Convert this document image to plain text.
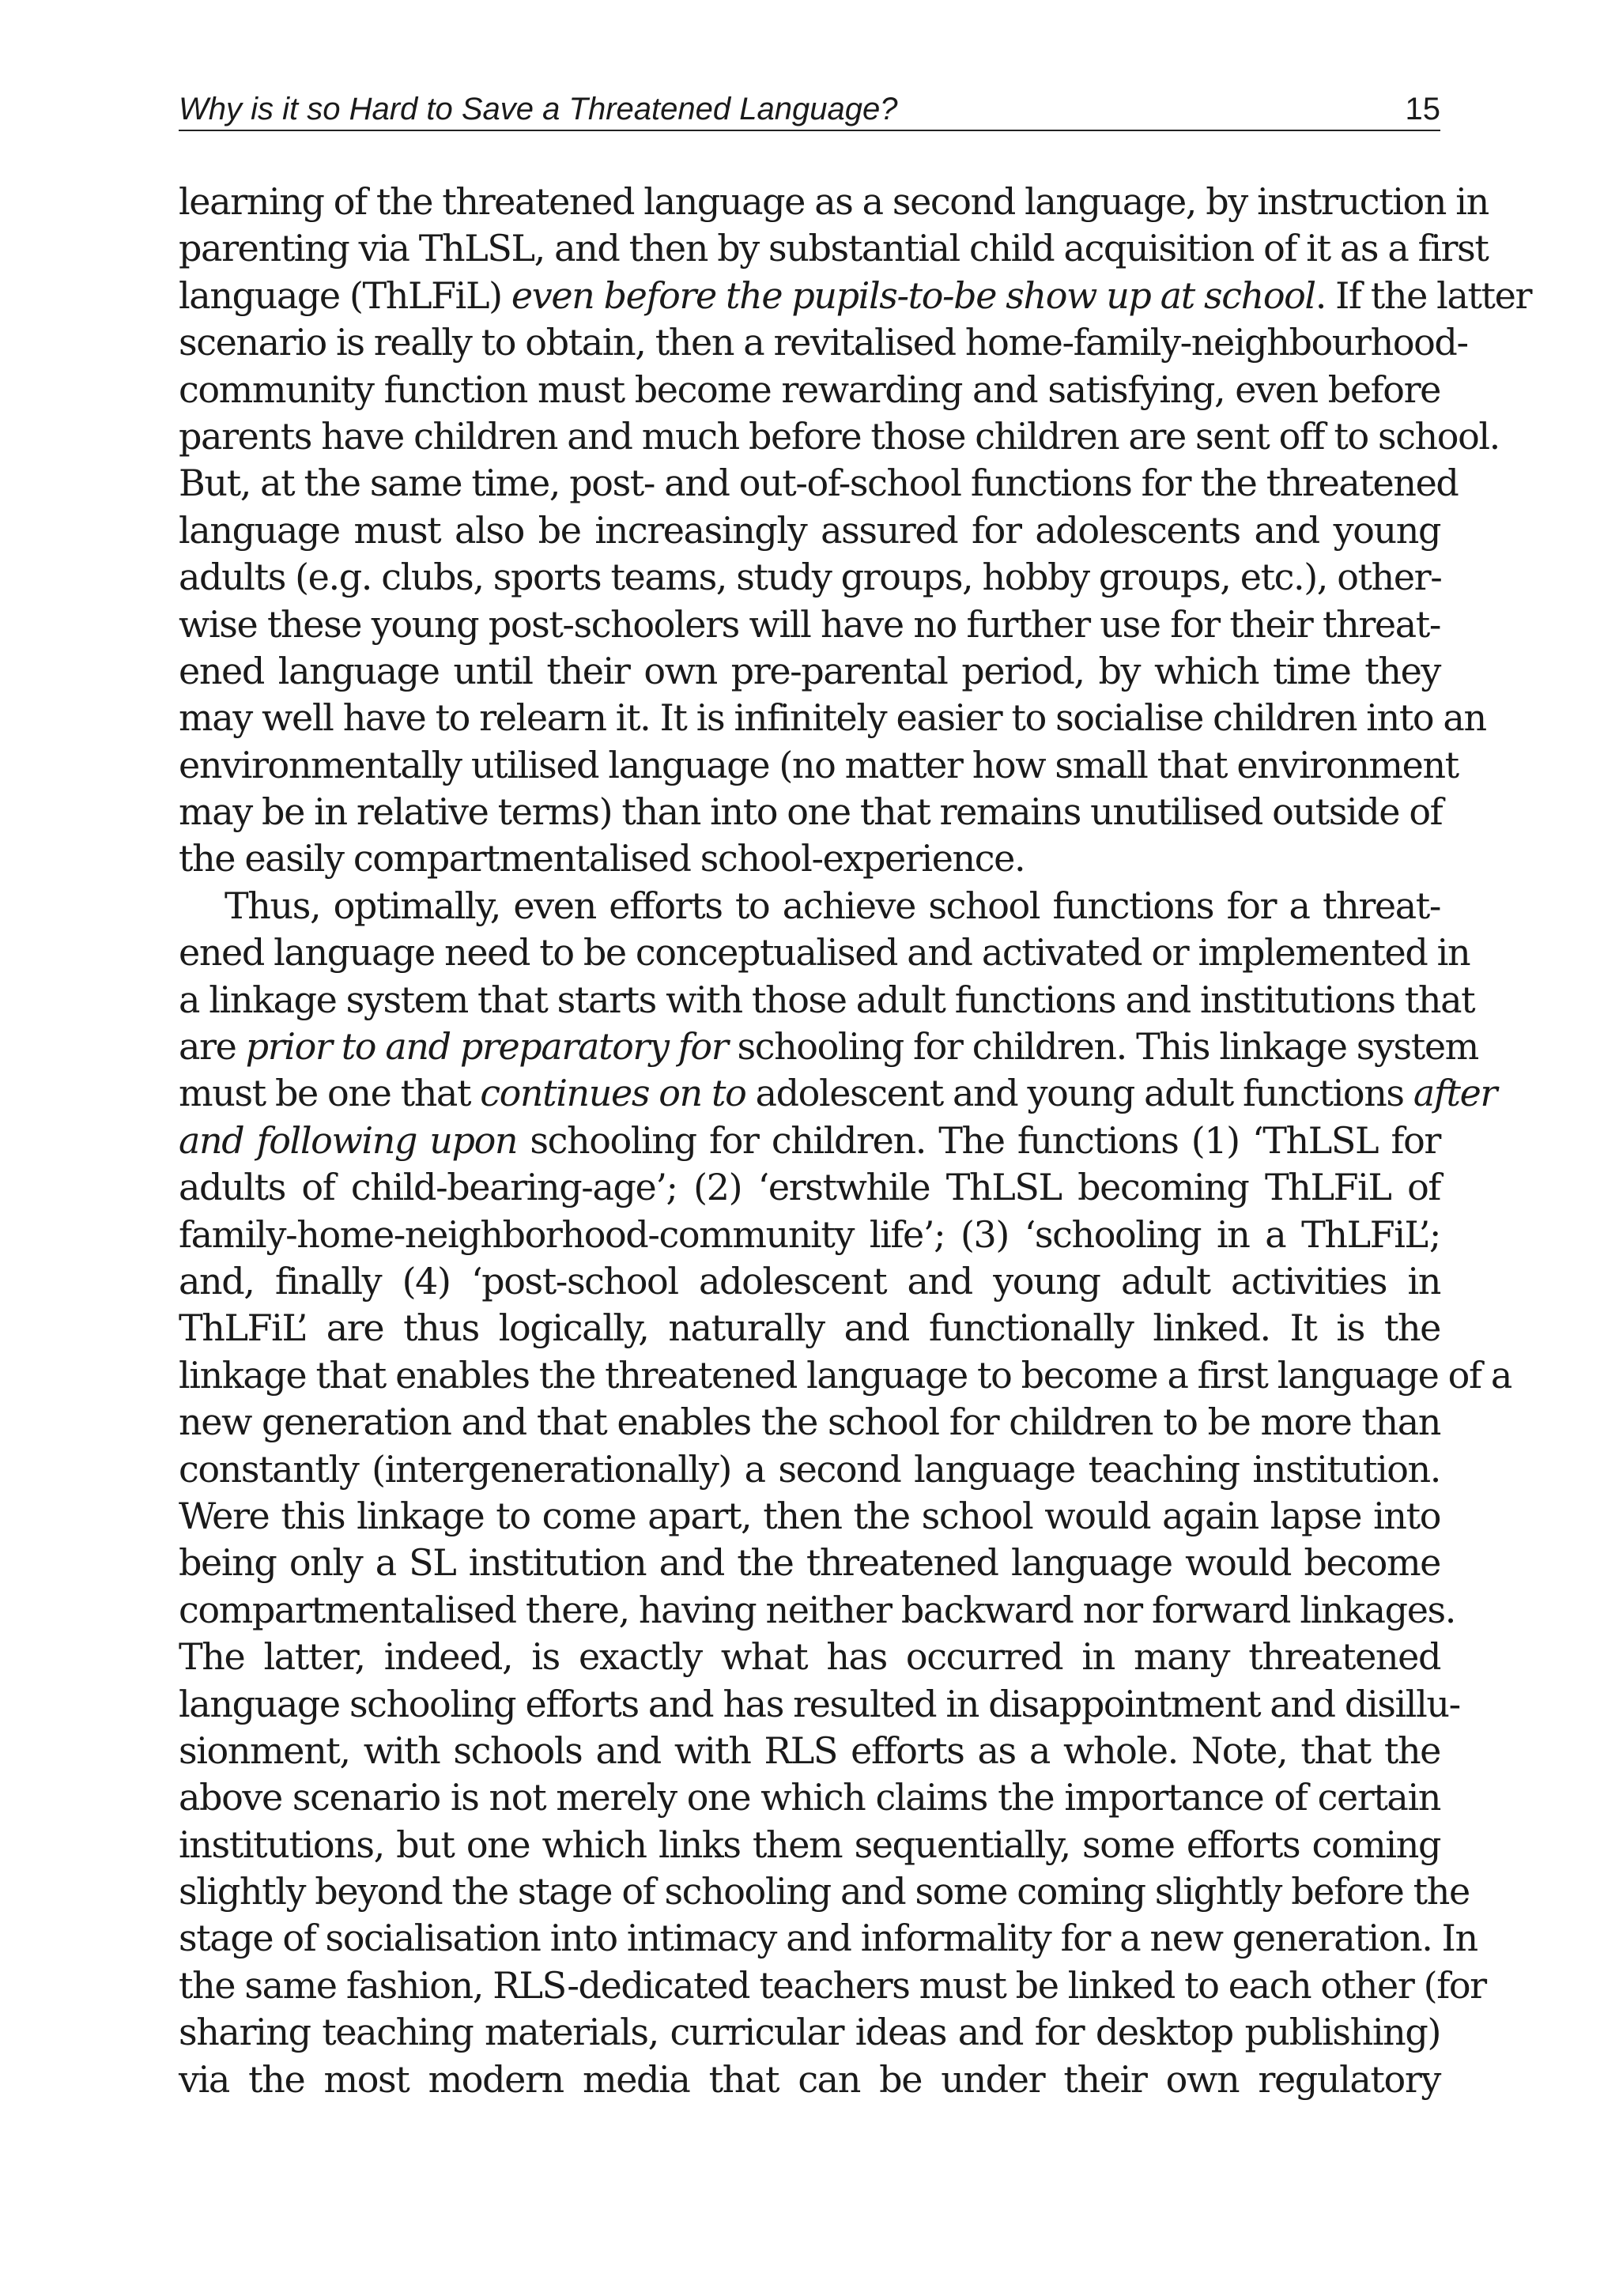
Why is it so Hard to Save a Threatened Language?	15
learning of the threatened language as a second language, by instruction in
parenting via ThLSL, and then by substantial child acquisition of it as a first
language (ThLFiL) even before the pupils-to-be show up at school. If the latter
scenario is really to obtain, then a revitalised home-family-neighbourhood-
community function must become rewarding and satisfying, even before
parents have children and much before those children are sent off to school.
But, at the same time, post- and out-of-school functions for the threatened
language must also be increasingly assured for adolescents and young
adults (e.g. clubs, sports teams, study groups, hobby groups, etc.), other-
wise these young post-schoolers will have no further use for their threat-
ened language until their own pre-parental period, by which time they
may well have to relearn it. It is infinitely easier to socialise children into an
environmentally utilised language (no matter how small that environment
may be in relative terms) than into one that remains unutilised outside of
the easily compartmentalised school-experience.
Thus, optimally, even efforts to achieve school functions for a threat-
ened language need to be conceptualised and activated or implemented in
a linkage system that starts with those adult functions and institutions that
are prior to and preparatory for schooling for children. This linkage system
must be one that continues on to adolescent and young adult functions after
and following upon schooling for children. The functions (1) ‘ThLSL for
adults of child-bearing-age’; (2) ‘erstwhile ThLSL becoming ThLFiL of
family-home-neighborhood-community life’; (3) ‘schooling in a ThLFiL’;
and, finally (4) ‘post-school adolescent and young adult activities in
ThLFiL’ are thus logically, naturally and functionally linked. It is the
linkage that enables the threatened language to become a first language of a
new generation and that enables the school for children to be more than
constantly (intergenerationally) a second language teaching institution.
Were this linkage to come apart, then the school would again lapse into
being only a SL institution and the threatened language would become
compartmentalised there, having neither backward nor forward linkages.
The latter, indeed, is exactly what has occurred in many threatened
language schooling efforts and has resulted in disappointment and disillu-
sionment, with schools and with RLS efforts as a whole. Note, that the
above scenario is not merely one which claims the importance of certain
institutions, but one which links them sequentially, some efforts coming
slightly beyond the stage of schooling and some coming slightly before the
stage of socialisation into intimacy and informality for a new generation. In
the same fashion, RLS-dedicated teachers must be linked to each other (for
sharing teaching materials, curricular ideas and for desktop publishing)
via the most modern media that can be under their own regulatory
